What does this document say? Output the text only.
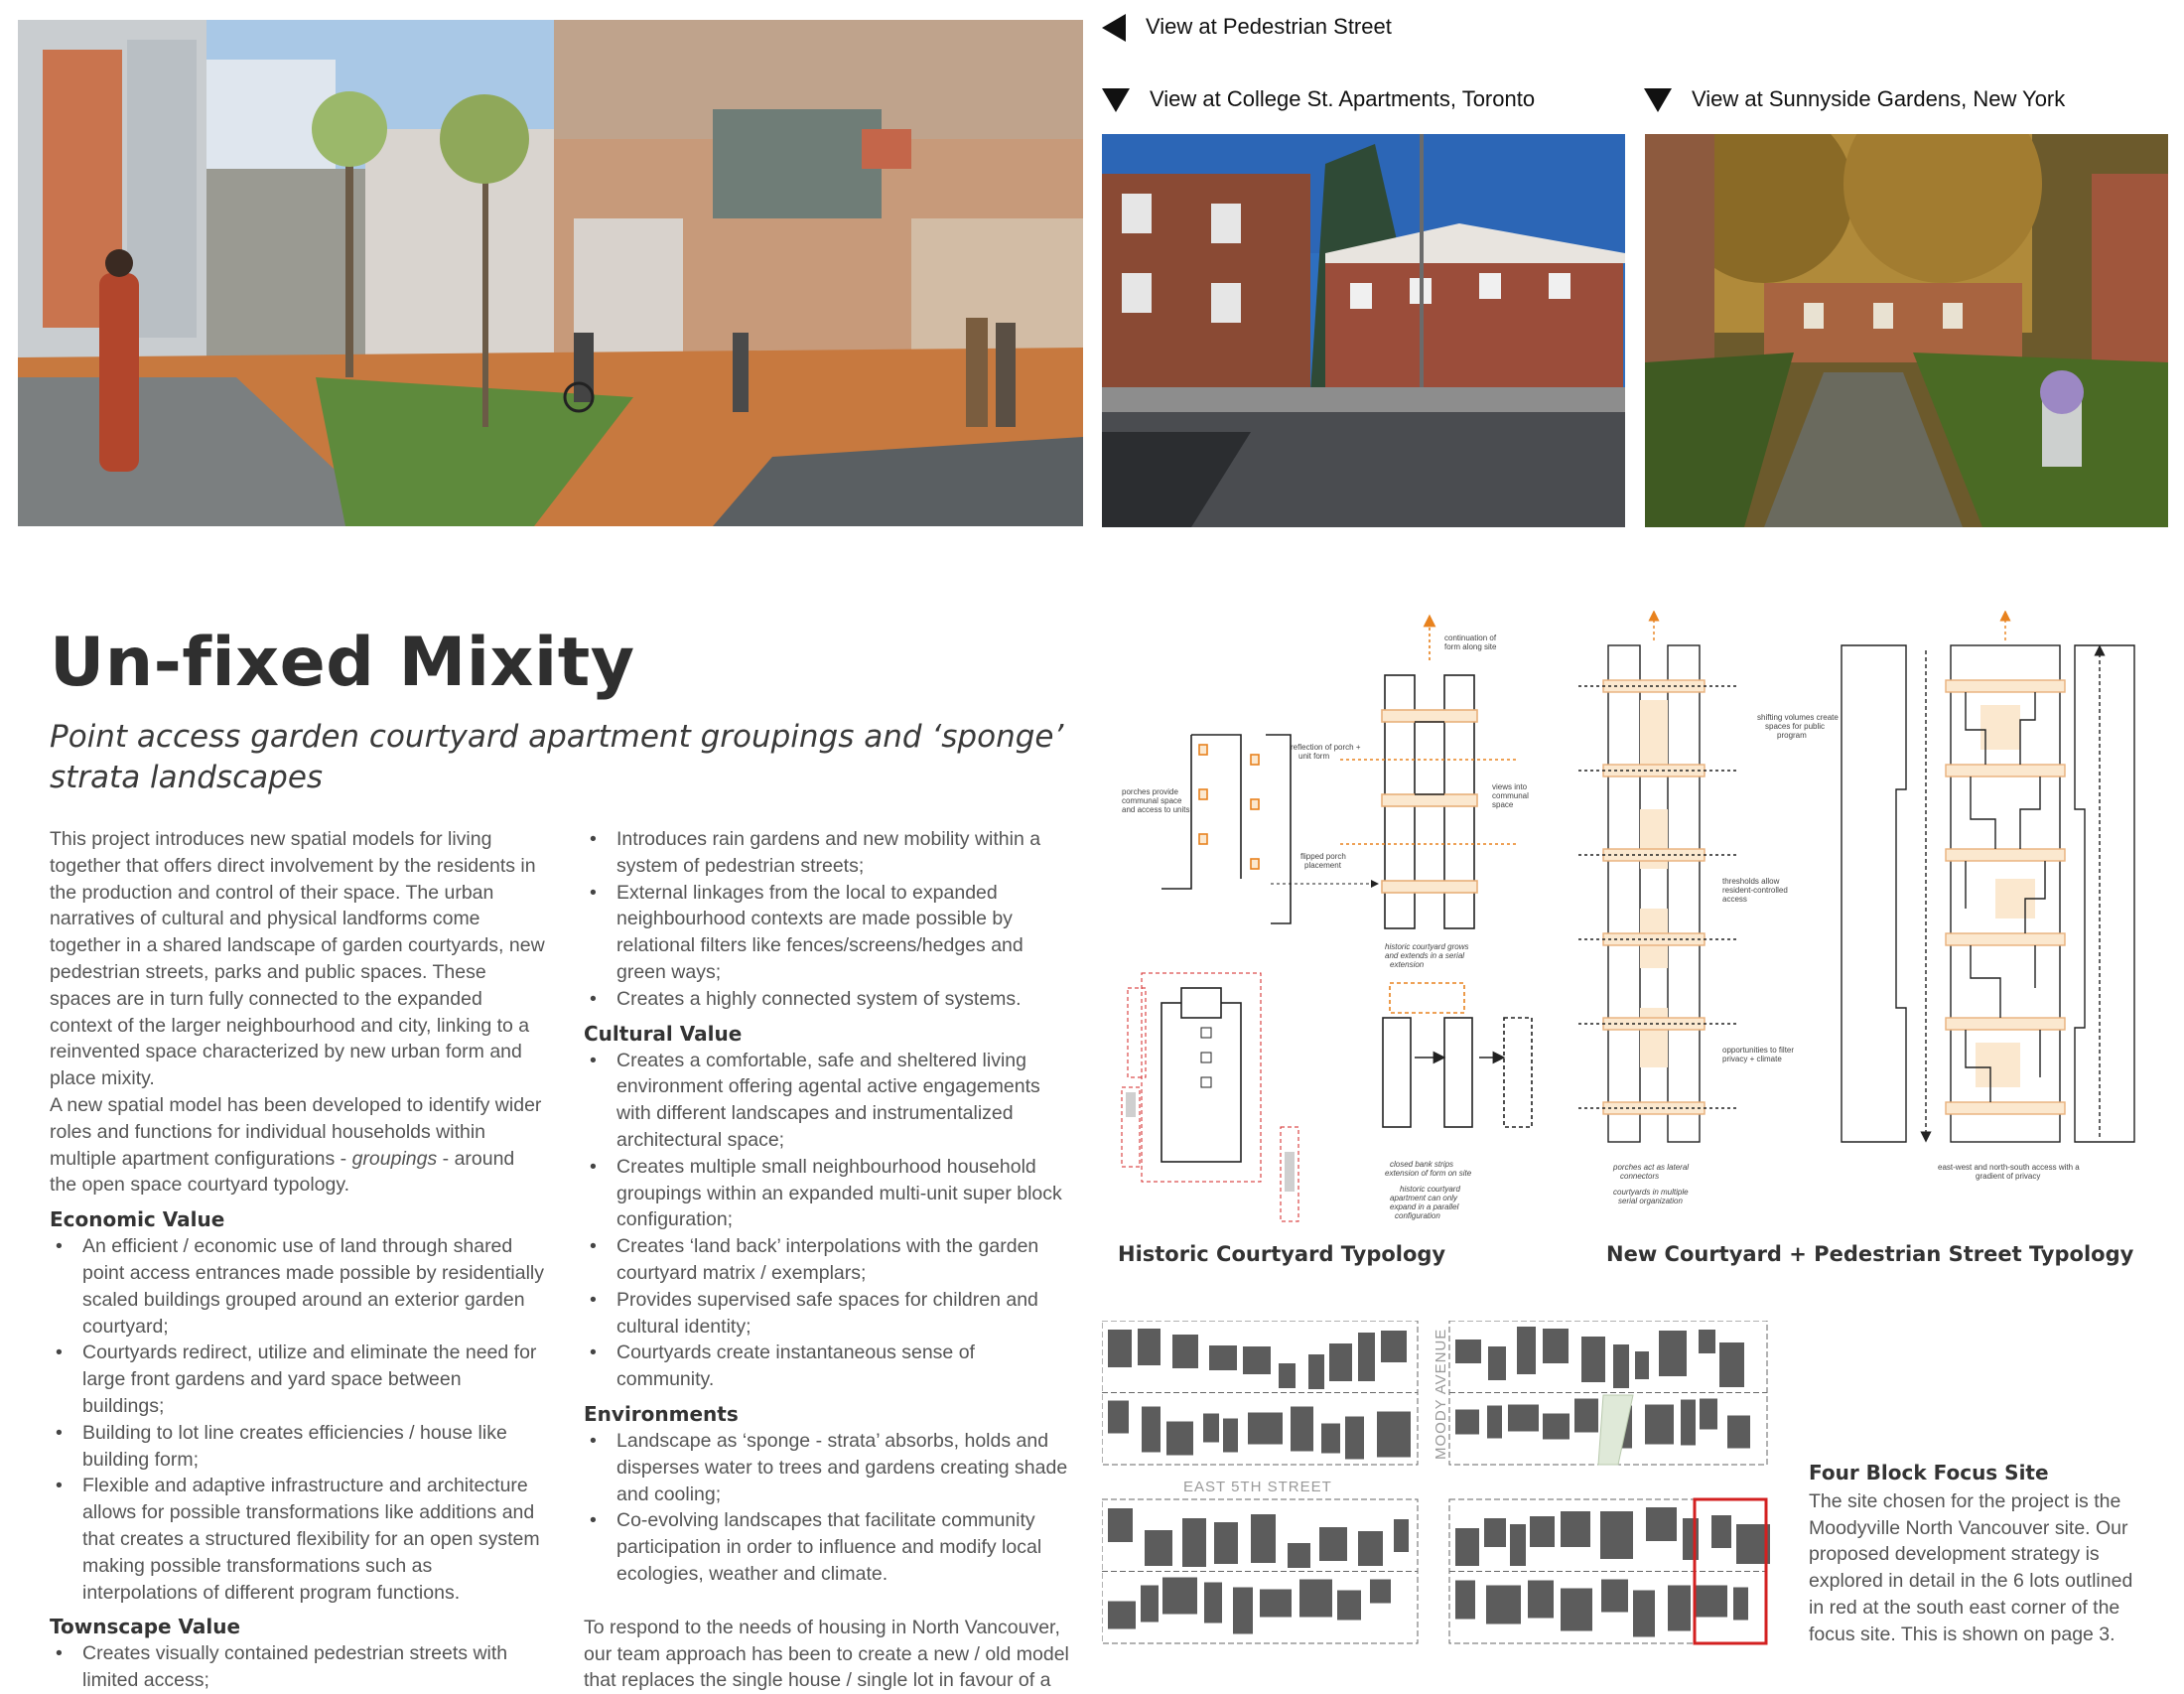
View at Pedestrian Street
View at College St. Apartments, Toronto	View at Sunnyside Gardens, New York
Un-fixed Mixity

Point access garden courtyard apartment groupings and ‘sponge’ strata landscapes

This project introduces new spatial models for living together that offers direct involvement by the residents in the production and control of their space. The urban narratives of cultural and physical landforms come together in a shared landscape of garden courtyards, new pedestrian streets, parks and public spaces. These spaces are in turn fully connected to the expanded context of the larger neighbourhood and city, linking to a reinvented space characterized by new urban form and place mixity.

A new spatial model has been developed to identify wider roles and functions for individual households within multiple apartment configurations - groupings - around the open space courtyard typology.

Economic Value
• An efficient / economic use of land through shared point access entrances made possible by residentially scaled buildings grouped around an exterior garden courtyard;
• Courtyards redirect, utilize and eliminate the need for large front gardens and yard space between buildings;
• Building to lot line creates efficiencies / house like building form;
• Flexible and adaptive infrastructure and architecture allows for possible transformations like additions and that creates a structured flexibility for an open system making possible transformations such as interpolations of different program functions.
Townscape Value
• Creates visually contained pedestrian streets with limited access;
• Introduces rain gardens and new mobility within a system of pedestrian streets;
• External linkages from the local to expanded neighbourhood contexts are made possible by relational filters like fences/screens/hedges and green ways;
• Creates a highly connected system of systems.
Cultural Value
• Creates a comfortable, safe and sheltered living environment offering agental active engagements with different landscapes and instrumentalized architectural space;
• Creates multiple small neighbourhood household groupings within an expanded multi-unit super block configuration;
• Creates ‘land back’ interpolations with the garden courtyard matrix / exemplars;
• Provides supervised safe spaces for children and cultural identity;
• Courtyards create instantaneous sense of community.
Environments
• Landscape as ‘sponge - strata’ absorbs, holds and disperses water to trees and gardens creating shade and cooling;
• Co-evolving landscapes that facilitate community participation in order to influence and modify local ecologies, weather and climate.

To respond to the needs of housing in North Vancouver, our team approach has been to create a new / old model that replaces the single house / single lot in favour of a

porches provide communal space and access to units
reflection of porch + unit form
flipped porch placement
continuation of form along site
views into communal space
historic courtyard grows and extends in a serial extension
closed bank strips extension of form on site
historic courtyard apartment can only expand in a parallel configuration
thresholds allow resident-controlled access
opportunities to filter privacy + climate
porches act as lateral connectors
courtyards in multiple serial organization
shifting volumes create spaces for public program
east-west and north-south access with a gradient of privacy
Historic Courtyard Typology	New Courtyard + Pedestrian Street Typology
EAST 5TH STREET
MOODY AVENUE
Four Block Focus Site

The site chosen for the project is the Moodyville North Vancouver site. Our proposed development strategy is explored in detail in the 6 lots outlined in red at the south east corner of the focus site. This is shown on page 3.
